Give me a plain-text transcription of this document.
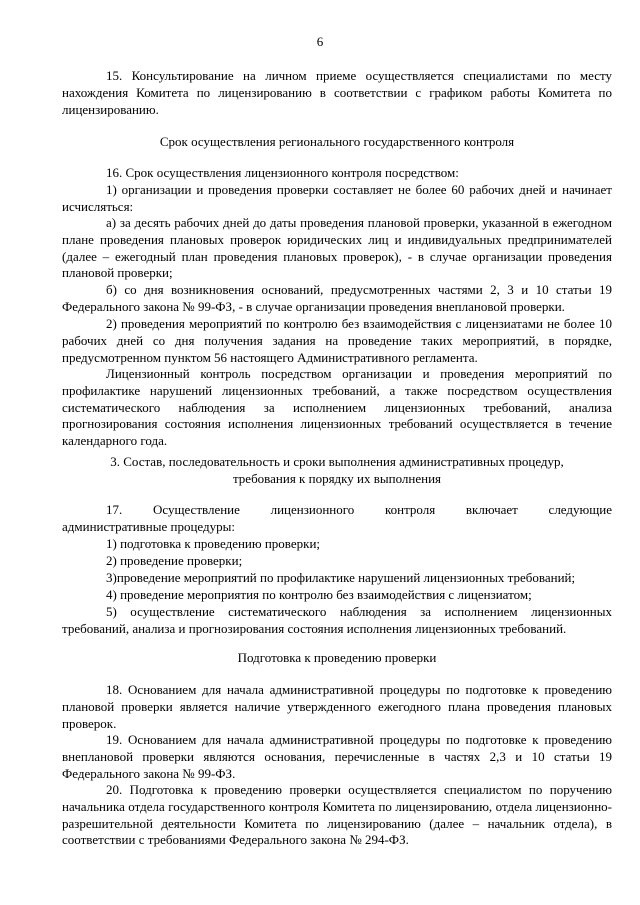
6

15. Консультирование на личном приеме осуществляется специалистами по месту нахождения Комитета по лицензированию в соответствии с графиком работы Комитета по лицензированию.

Срок осуществления регионального государственного контроля

16. Срок осуществления лицензионного контроля посредством:

1) организации и проведения проверки составляет не более 60 рабочих дней и начинает исчисляться:

а) за десять рабочих дней до даты проведения плановой проверки, указанной в ежегодном плане проведения плановых проверок юридических лиц и индивидуальных предпринимателей (далее – ежегодный план проведения плановых проверок), - в случае организации проведения плановой проверки;

б) со дня возникновения оснований, предусмотренных частями 2, 3 и 10 статьи 19 Федерального закона № 99-ФЗ, - в случае организации проведения внеплановой проверки.

2) проведения мероприятий по контролю без взаимодействия с лицензиатами не более 10 рабочих дней со дня получения задания на проведение таких мероприятий, в порядке, предусмотренном пунктом 56 настоящего Административного регламента.

Лицензионный контроль посредством организации и проведения мероприятий по профилактике нарушений лицензионных требований, а также посредством осуществления систематического наблюдения за исполнением лицензионных требований, анализа прогнозирования состояния исполнения лицензионных требований осуществляется в течение календарного года.

3. Состав, последовательность и сроки выполнения административных процедур,
требования к порядку их выполнения
17. Осуществление лицензионного контроля включает следующие
административные процедуры:

1) подготовка к проведению проверки;

2) проведение проверки;

3)проведение мероприятий по профилактике нарушений лицензионных требований;

4) проведение мероприятия по контролю без взаимодействия с лицензиатом;

5) осуществление систематического наблюдения за исполнением лицензионных требований, анализа и прогнозирования состояния исполнения лицензионных требований.

Подготовка к проведению проверки

18. Основанием для начала административной процедуры по подготовке к проведению плановой проверки является наличие утвержденного ежегодного плана проведения плановых проверок.

19. Основанием для начала административной процедуры по подготовке к проведению внеплановой проверки являются основания, перечисленные в частях 2,3 и 10 статьи 19 Федерального закона № 99-ФЗ.

20. Подготовка к проведению проверки осуществляется специалистом по поручению начальника отдела государственного контроля Комитета по лицензированию, отдела лицензионно-разрешительной деятельности Комитета по лицензированию (далее – начальник отдела), в соответствии с требованиями Федерального закона № 294-ФЗ.
